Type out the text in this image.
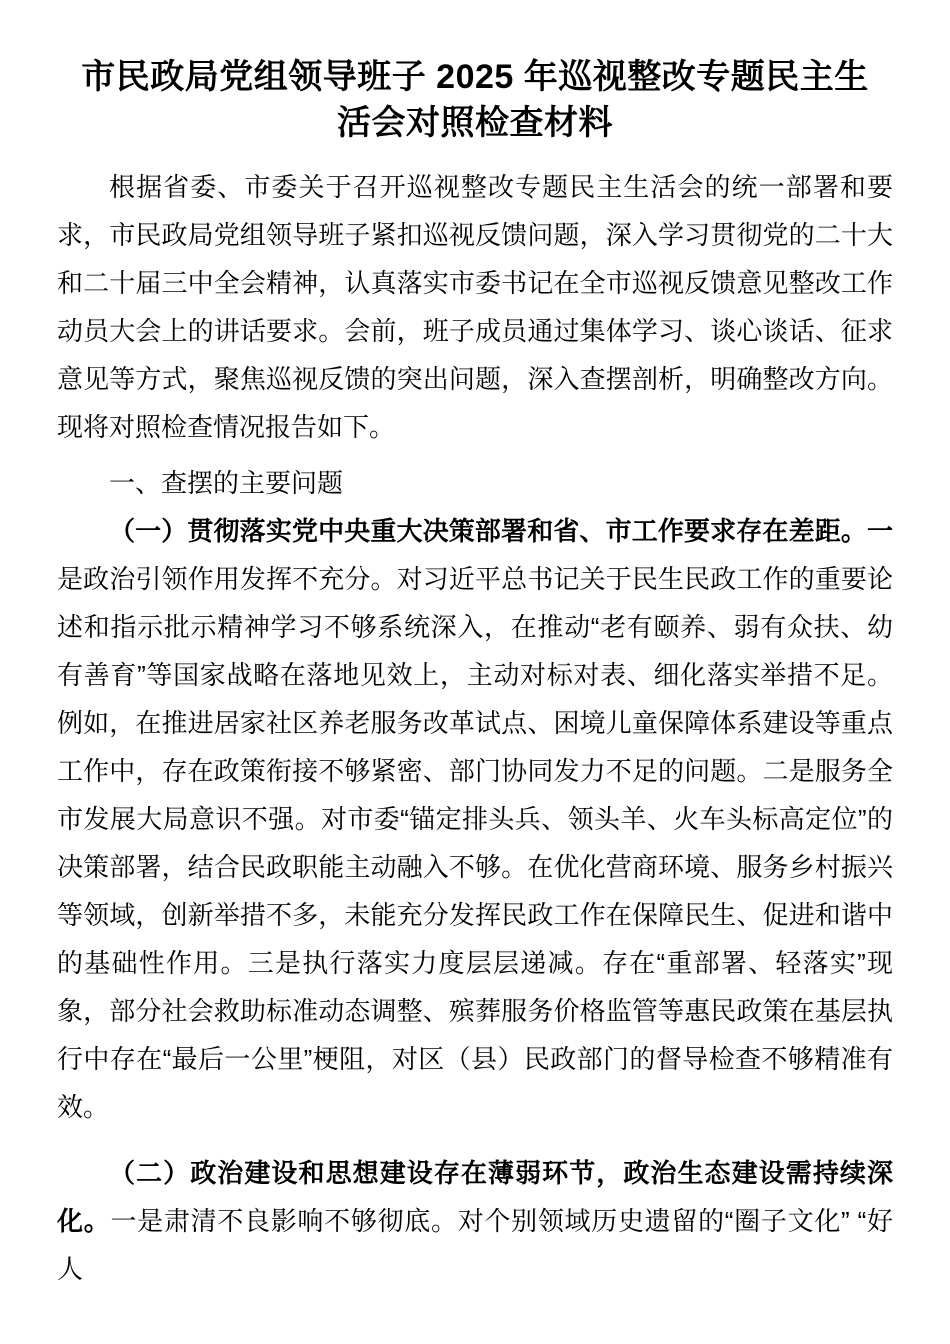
市民政局党组领导班子 2025 年巡视整改专题民主生
活会对照检查材料

根据省委、市委关于召开巡视整改专题民主生活会的统一部署和要求，市民政局党组领导班子紧扣巡视反馈问题，深入学习贯彻党的二十大和二十届三中全会精神，认真落实市委书记在全市巡视反馈意见整改工作动员大会上的讲话要求。会前，班子成员通过集体学习、谈心谈话、征求意见等方式，聚焦巡视反馈的突出问题，深入查摆剖析，明确整改方向。现将对照检查情况报告如下。

一、查摆的主要问题

（一）贯彻落实党中央重大决策部署和省、市工作要求存在差距。一是政治引领作用发挥不充分。对习近平总书记关于民生民政工作的重要论述和指示批示精神学习不够系统深入，在推动“老有颐养、弱有众扶、幼有善育”等国家战略在落地见效上，主动对标对表、细化落实举措不足。例如，在推进居家社区养老服务改革试点、困境儿童保障体系建设等重点工作中，存在政策衔接不够紧密、部门协同发力不足的问题。二是服务全市发展大局意识不强。对市委“锚定排头兵、领头羊、火车头标高定位”的决策部署，结合民政职能主动融入不够。在优化营商环境、服务乡村振兴等领域，创新举措不多，未能充分发挥民政工作在保障民生、促进和谐中的基础性作用。三是执行落实力度层层递减。存在“重部署、轻落实”现象，部分社会救助标准动态调整、殡葬服务价格监管等惠民政策在基层执行中存在“最后一公里”梗阻，对区（县）民政部门的督导检查不够精准有效。

（二）政治建设和思想建设存在薄弱环节，政治生态建设需持续深化。一是肃清不良影响不够彻底。对个别领域历史遗留的“圈子文化” “好人
